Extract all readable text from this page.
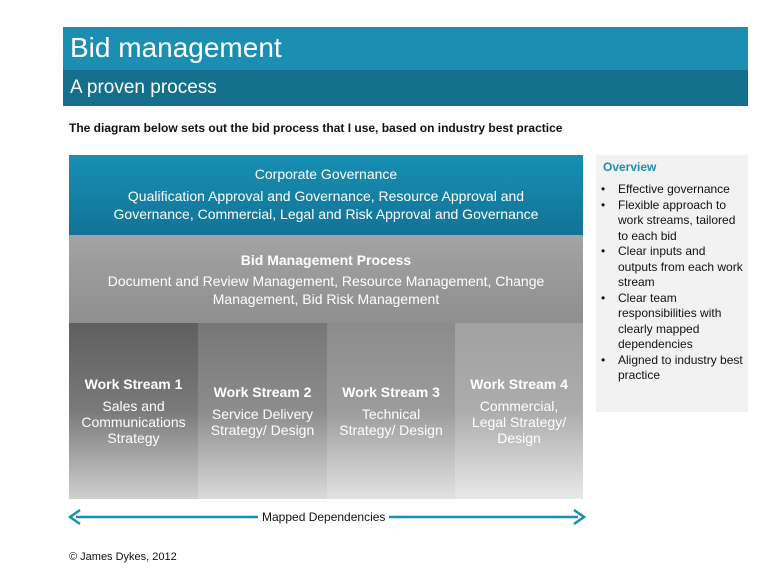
Bid management
A proven process
The diagram below sets out the bid process that I use, based on industry best practice
Corporate Governance
Qualification Approval and Governance, Resource Approval and Governance, Commercial, Legal and Risk Approval and Governance
Bid Management Process
Document and Review Management, Resource Management, Change Management, Bid Risk Management
Work Stream 1
Sales and Communications Strategy
Work Stream 2
Service Delivery Strategy/ Design
Work Stream 3
Technical Strategy/ Design
Work Stream 4
Commercial, Legal Strategy/ Design
Overview
• Effective governance
• Flexible approach to work streams, tailored to each bid
• Clear inputs and outputs from each work stream
• Clear team responsibilities with clearly mapped dependencies
• Aligned to industry best practice
Mapped Dependencies
© James Dykes, 2012
